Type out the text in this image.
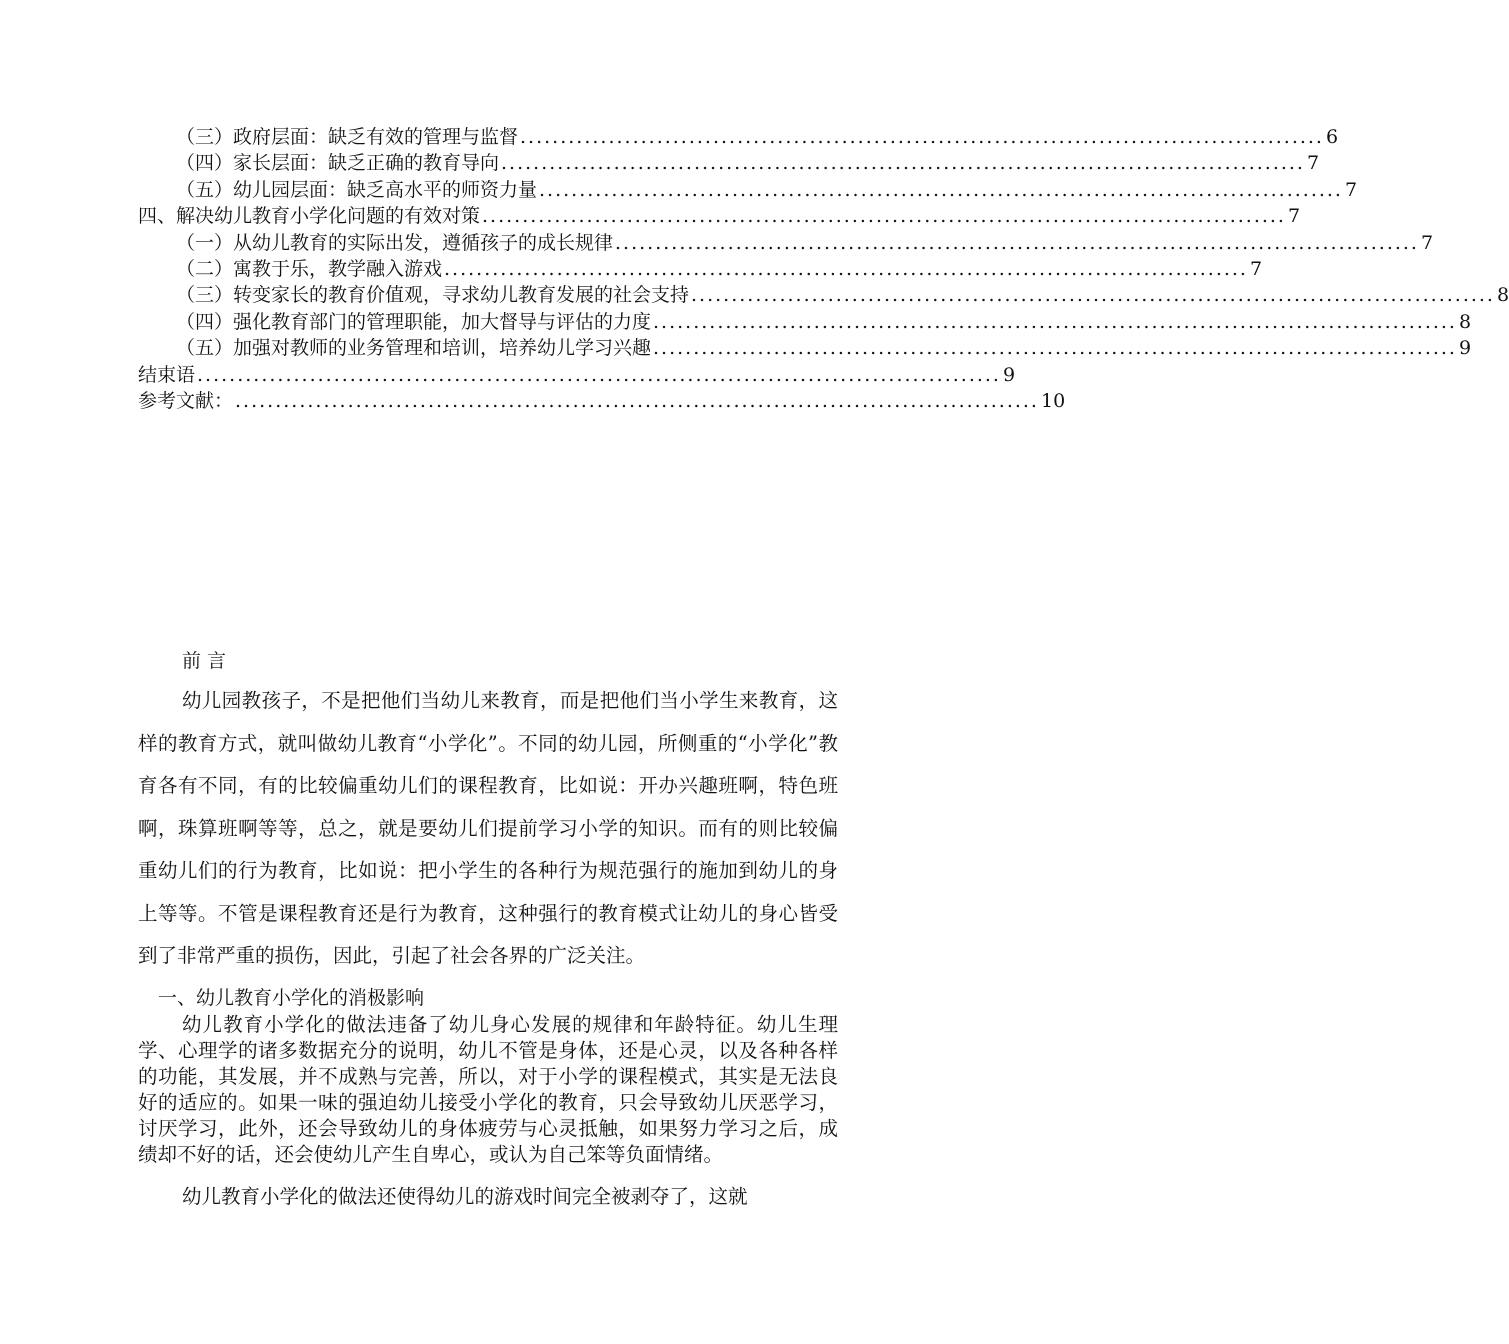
（三）政府层面：缺乏有效的管理与监督 .................................................................................................... 6
（四）家长层面：缺乏正确的教育导向 .................................................................................................... 7
（五）幼儿园层面：缺乏高水平的师资力量 .................................................................................................... 7
四、解决幼儿教育小学化问题的有效对策 .................................................................................................... 7
（一）从幼儿教育的实际出发，遵循孩子的成长规律 .................................................................................................... 7
（二）寓教于乐，教学融入游戏 .................................................................................................... 7
（三）转变家长的教育价值观，寻求幼儿教育发展的社会支持 .................................................................................................... 8
（四）强化教育部门的管理职能，加大督导与评估的力度 .................................................................................................... 8
（五）加强对教师的业务管理和培训，培养幼儿学习兴趣 .................................................................................................... 9
结束语 .................................................................................................... 9
参考文献： .................................................................................................... 10
前 言

幼儿园教孩子，不是把他们当幼儿来教育，而是把他们当小学生来教育，这样的教育方式，就叫做幼儿教育“小学化”。不同的幼儿园，所侧重的“小学化”教育各有不同，有的比较偏重幼儿们的课程教育，比如说：开办兴趣班啊，特色班啊，珠算班啊等等，总之，就是要幼儿们提前学习小学的知识。而有的则比较偏重幼儿们的行为教育，比如说：把小学生的各种行为规范强行的施加到幼儿的身上等等。不管是课程教育还是行为教育，这种强行的教育模式让幼儿的身心皆受到了非常严重的损伤，因此，引起了社会各界的广泛关注。

一、幼儿教育小学化的消极影响

幼儿教育小学化的做法违备了幼儿身心发展的规律和年龄特征。幼儿生理学、心理学的诸多数据充分的说明，幼儿不管是身体，还是心灵，以及各种各样的功能，其发展，并不成熟与完善，所以，对于小学的课程模式，其实是无法良好的适应的。如果一味的强迫幼儿接受小学化的教育，只会导致幼儿厌恶学习，讨厌学习，此外，还会导致幼儿的身体疲劳与心灵抵触，如果努力学习之后，成绩却不好的话，还会使幼儿产生自卑心，或认为自己笨等负面情绪。

幼儿教育小学化的做法还使得幼儿的游戏时间完全被剥夺了，这就
